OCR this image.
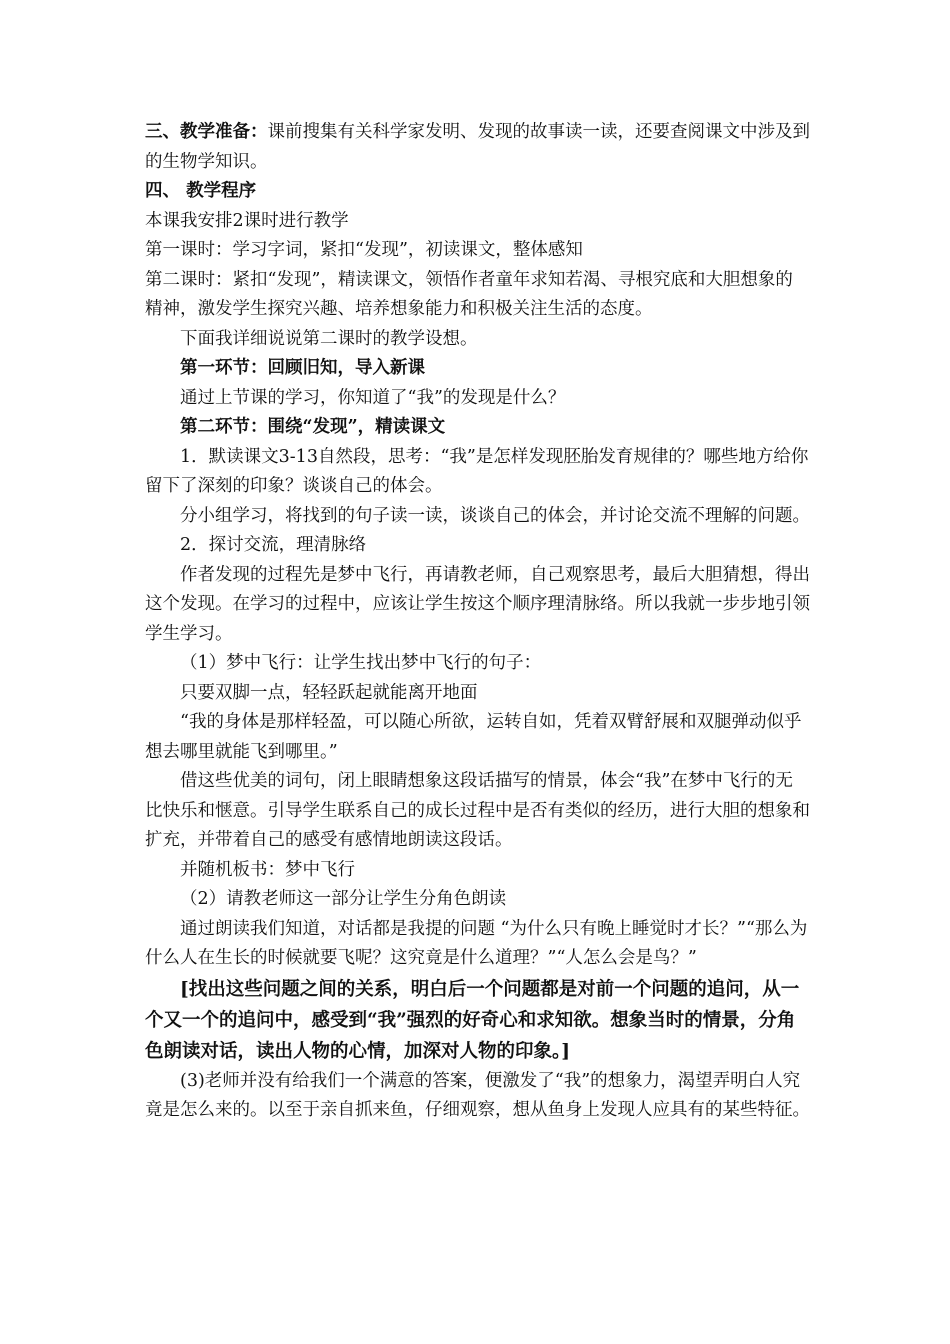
三、教学准备：课前搜集有关科学家发明、发现的故事读一读，还要查阅课文中涉及到的生物学知识。

四、 教学程序

本课我安排2课时进行教学

第一课时：学习字词，紧扣“发现”，初读课文，整体感知

第二课时：紧扣“发现”，精读课文，领悟作者童年求知若渴、寻根究底和大胆想象的精神，激发学生探究兴趣、培养想象能力和积极关注生活的态度。

下面我详细说说第二课时的教学设想。

第一环节：回顾旧知，导入新课

通过上节课的学习，你知道了“我”的发现是什么？

第二环节：围绕“发现”，精读课文

1．默读课文3-13自然段，思考：“我”是怎样发现胚胎发育规律的？哪些地方给你留下了深刻的印象？谈谈自己的体会。

分小组学习，将找到的句子读一读，谈谈自己的体会，并讨论交流不理解的问题。

2．探讨交流，理清脉络

作者发现的过程先是梦中飞行，再请教老师，自己观察思考，最后大胆猜想，得出这个发现。在学习的过程中，应该让学生按这个顺序理清脉络。所以我就一步步地引领学生学习。

（1）梦中飞行：让学生找出梦中飞行的句子：

只要双脚一点，轻轻跃起就能离开地面

“我的身体是那样轻盈，可以随心所欲，运转自如，凭着双臂舒展和双腿弹动似乎想去哪里就能飞到哪里。”

借这些优美的词句，闭上眼睛想象这段话描写的情景，体会“我”在梦中飞行的无比快乐和惬意。引导学生联系自己的成长过程中是否有类似的经历，进行大胆的想象和扩充，并带着自己的感受有感情地朗读这段话。

并随机板书：梦中飞行

（2）请教老师这一部分让学生分角色朗读

通过朗读我们知道，对话都是我提的问题 “为什么只有晚上睡觉时才长？”“那么为什么人在生长的时候就要飞呢？这究竟是什么道理？”“人怎么会是鸟？”

[找出这些问题之间的关系，明白后一个问题都是对前一个问题的追问，从一个又一个的追问中，感受到“我”强烈的好奇心和求知欲。想象当时的情景，分角色朗读对话，读出人物的心情，加深对人物的印象。]

(3)老师并没有给我们一个满意的答案，便激发了“我”的想象力，渴望弄明白人究竟是怎么来的。以至于亲自抓来鱼，仔细观察，想从鱼身上发现人应具有的某些特征。
